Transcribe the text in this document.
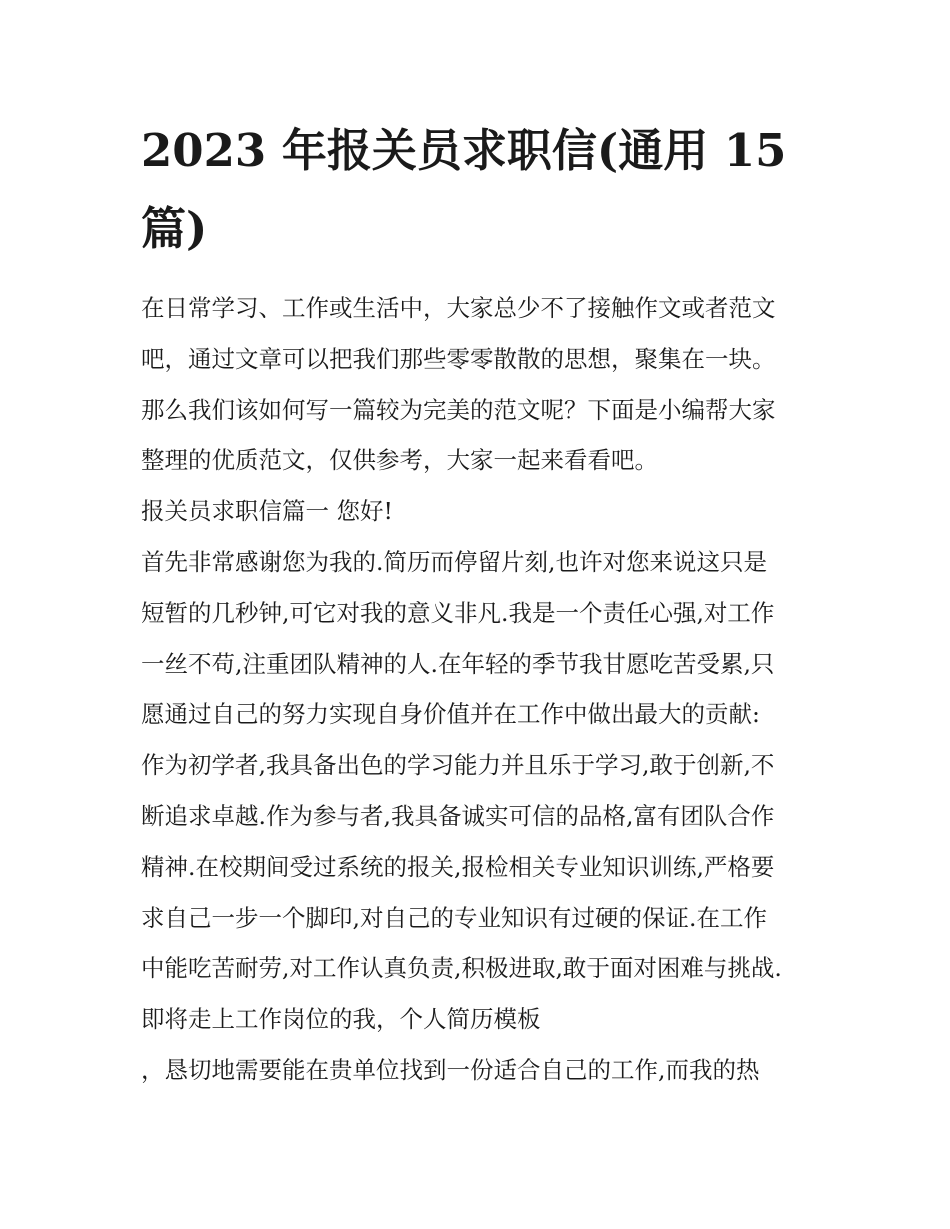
2023 年报关员求职信(通用 15
篇)

在日常学习、工作或生活中，大家总少不了接触作文或者范文

吧，通过文章可以把我们那些零零散散的思想，聚集在一块。

那么我们该如何写一篇较为完美的范文呢？下面是小编帮大家

整理的优质范文，仅供参考，大家一起来看看吧。

报关员求职信篇一 您好!

首先非常感谢您为我的.简历而停留片刻,也许对您来说这只是

短暂的几秒钟,可它对我的意义非凡.我是一个责任心强,对工作

一丝不苟,注重团队精神的人.在年轻的季节我甘愿吃苦受累,只

愿通过自己的努力实现自身价值并在工作中做出最大的贡献:

作为初学者,我具备出色的学习能力并且乐于学习,敢于创新,不

断追求卓越.作为参与者,我具备诚实可信的品格,富有团队合作

精神.在校期间受过系统的报关,报检相关专业知识训练,严格要

求自己一步一个脚印,对自己的专业知识有过硬的保证.在工作

中能吃苦耐劳,对工作认真负责,积极进取,敢于面对困难与挑战.

即将走上工作岗位的我，个人简历模板

，恳切地需要能在贵单位找到一份适合自己的工作,而我的热
